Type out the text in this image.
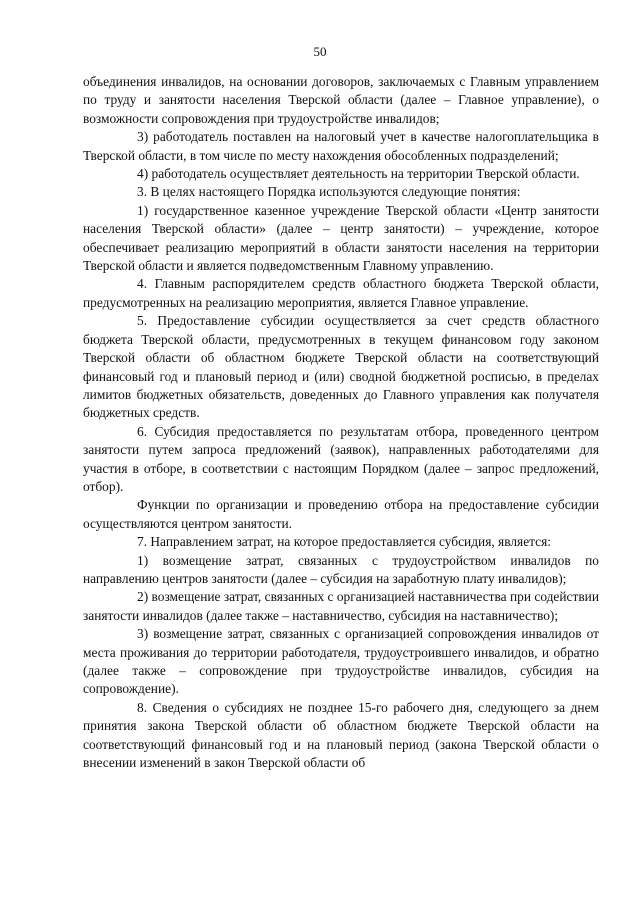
50

объединения инвалидов, на основании договоров, заключаемых с Главным управлением по труду и занятости населения Тверской области (далее – Главное управление), о возможности сопровождения при трудоустройстве инвалидов;

3) работодатель поставлен на налоговый учет в качестве налогоплательщика в Тверской области, в том числе по месту нахождения обособленных подразделений;

4) работодатель осуществляет деятельность на территории Тверской области.

3. В целях настоящего Порядка используются следующие понятия:

1) государственное казенное учреждение Тверской области «Центр занятости населения Тверской области» (далее – центр занятости) – учреждение, которое обеспечивает реализацию мероприятий в области занятости населения на территории Тверской области и является подведомственным Главному управлению.

4. Главным распорядителем средств областного бюджета Тверской области, предусмотренных на реализацию мероприятия, является Главное управление.

5. Предоставление субсидии осуществляется за счет средств областного бюджета Тверской области, предусмотренных в текущем финансовом году законом Тверской области об областном бюджете Тверской области на соответствующий финансовый год и плановый период и (или) сводной бюджетной росписью, в пределах лимитов бюджетных обязательств, доведенных до Главного управления как получателя бюджетных средств.

6. Субсидия предоставляется по результатам отбора, проведенного центром занятости путем запроса предложений (заявок), направленных работодателями для участия в отборе, в соответствии с настоящим Порядком (далее – запрос предложений, отбор).

Функции по организации и проведению отбора на предоставление субсидии осуществляются центром занятости.

7. Направлением затрат, на которое предоставляется субсидия, является:

1) возмещение затрат, связанных с трудоустройством инвалидов по направлению центров занятости (далее – субсидия на заработную плату инвалидов);

2) возмещение затрат, связанных с организацией наставничества при содействии занятости инвалидов (далее также – наставничество, субсидия на наставничество);

3) возмещение затрат, связанных с организацией сопровождения инвалидов от места проживания до территории работодателя, трудоустроившего инвалидов, и обратно (далее также – сопровождение при трудоустройстве инвалидов, субсидия на сопровождение).

8. Сведения о субсидиях не позднее 15-го рабочего дня, следующего за днем принятия закона Тверской области об областном бюджете Тверской области на соответствующий финансовый год и на плановый период (закона Тверской области о внесении изменений в закон Тверской области об
